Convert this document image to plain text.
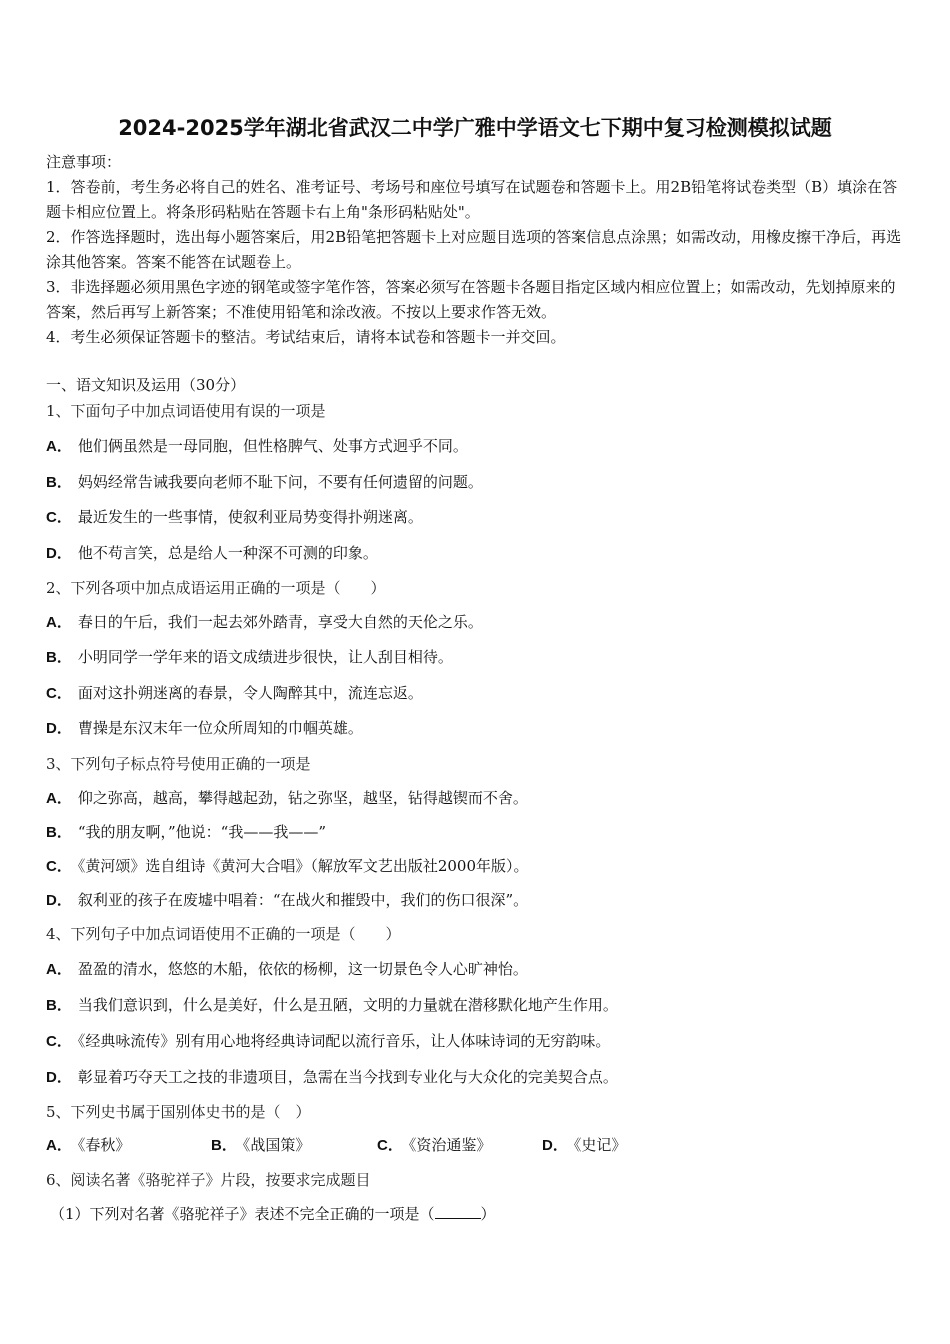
2024-2025学年湖北省武汉二中学广雅中学语文七下期中复习检测模拟试题

注意事项：

1．答卷前，考生务必将自己的姓名、准考证号、考场号和座位号填写在试题卷和答题卡上。用2B铅笔将试卷类型（B）填涂在答题卡相应位置上。将条形码粘贴在答题卡右上角"条形码粘贴处"。

2．作答选择题时，选出每小题答案后，用2B铅笔把答题卡上对应题目选项的答案信息点涂黑；如需改动，用橡皮擦干净后，再选涂其他答案。答案不能答在试题卷上。

3．非选择题必须用黑色字迹的钢笔或签字笔作答，答案必须写在答题卡各题目指定区域内相应位置上；如需改动，先划掉原来的答案，然后再写上新答案；不准使用铅笔和涂改液。不按以上要求作答无效。

4．考生必须保证答题卡的整洁。考试结束后，请将本试卷和答题卡一并交回。

一、语文知识及运用（30分）
1、下面句子中加点词语使用有误的一项是
A． 他们俩虽然是一母同胞，但性格脾气、处事方式迥乎不同。
B． 妈妈经常告诫我要向老师不耻下问，不要有任何遗留的问题。
C． 最近发生的一些事情，使叙利亚局势变得扑朔迷离。
D． 他不苟言笑，总是给人一种深不可测的印象。
2、下列各项中加点成语运用正确的一项是（　　）
A． 春日的午后，我们一起去郊外踏青，享受大自然的天伦之乐。
B． 小明同学一学年来的语文成绩进步很快，让人刮目相待。
C． 面对这扑朔迷离的春景，令人陶醉其中，流连忘返。
D． 曹操是东汉末年一位众所周知的巾帼英雄。
3、下列句子标点符号使用正确的一项是
A． 仰之弥高，越高，攀得越起劲，钻之弥坚，越坚，钻得越锲而不舍。
B． “我的朋友啊，”他说：“我——我——”
C． 《黄河颂》选自组诗《黄河大合唱》（解放军文艺出版社2000年版）。
D． 叙利亚的孩子在废墟中唱着：“在战火和摧毁中，我们的伤口很深”。
4、下列句子中加点词语使用不正确的一项是（　　）
A． 盈盈的清水，悠悠的木船，依依的杨柳，这一切景色令人心旷神怡。
B． 当我们意识到，什么是美好，什么是丑陋，文明的力量就在潜移默化地产生作用。
C． 《经典咏流传》别有用心地将经典诗词配以流行音乐，让人体味诗词的无穷韵味。
D． 彰显着巧夺天工之技的非遗项目，急需在当今找到专业化与大众化的完美契合点。
5、下列史书属于国别体史书的是（　）
A． 《春秋》	B． 《战国策》	C． 《资治通鉴》	D． 《史记》
6、阅读名著《骆驼祥子》片段，按要求完成题目
（1）下列对名著《骆驼祥子》表述不完全正确的一项是（	）
